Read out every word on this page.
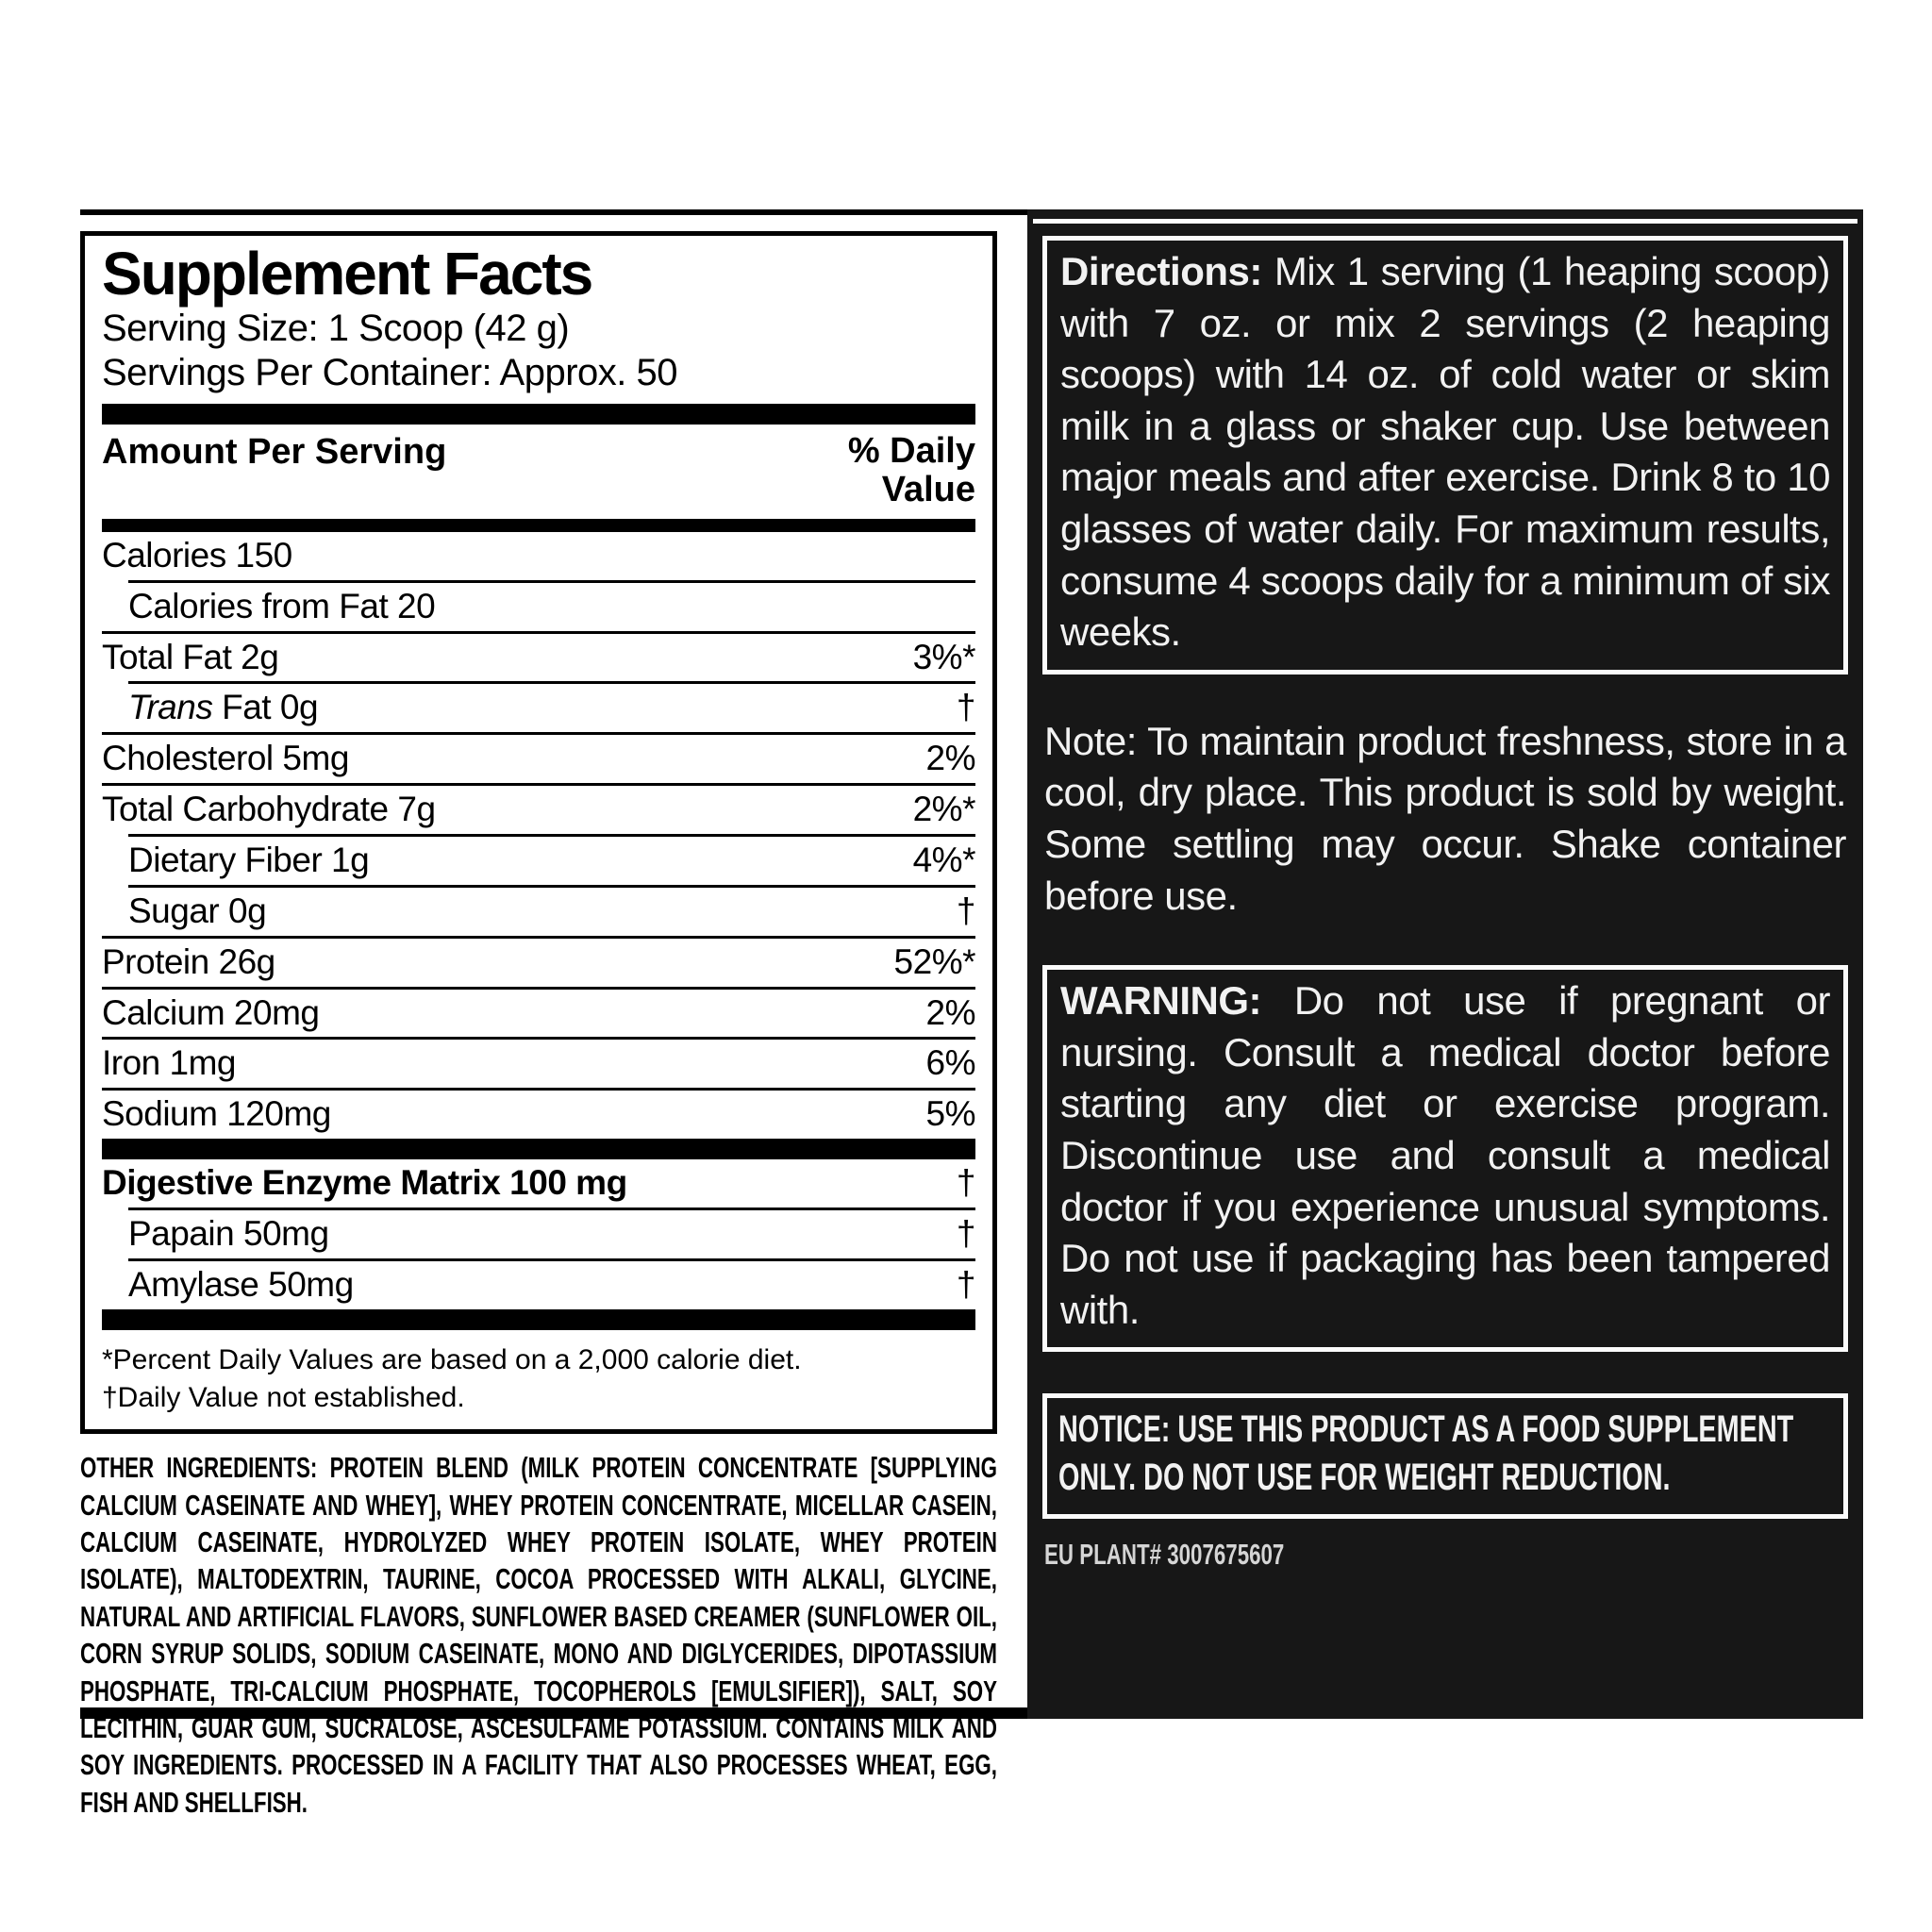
Supplement Facts
Serving Size: 1 Scoop (42 g)
Servings Per Container: Approx. 50
Amount Per Serving	% Daily Value
Calories 150
Calories from Fat 20
Total Fat 2g	3%*
Trans Fat 0g	†
Cholesterol 5mg	2%
Total Carbohydrate 7g	2%*
Dietary Fiber 1g	4%*
Sugar 0g	†
Protein 26g	52%*
Calcium 20mg	2%
Iron 1mg	6%
Sodium 120mg	5%
Digestive Enzyme Matrix 100 mg	†
Papain 50mg	†
Amylase 50mg	†
*Percent Daily Values are based on a 2,000 calorie diet.
†Daily Value not established.
OTHER INGREDIENTS: PROTEIN BLEND (MILK PROTEIN CONCENTRATE [SUPPLYING CALCIUM CASEINATE AND WHEY], WHEY PROTEIN CONCENTRATE, MICELLAR CASEIN, CALCIUM CASEINATE, HYDROLYZED WHEY PROTEIN ISOLATE, WHEY PROTEIN ISOLATE), MALTODEXTRIN, TAURINE, COCOA PROCESSED WITH ALKALI, GLYCINE, NATURAL AND ARTIFICIAL FLAVORS, SUNFLOWER BASED CREAMER (SUNFLOWER OIL, CORN SYRUP SOLIDS, SODIUM CASEINATE, MONO AND DIGLYCERIDES, DIPOTASSIUM PHOSPHATE, TRI-CALCIUM PHOSPHATE, TOCOPHEROLS [EMULSIFIER]), SALT, SOY LECITHIN, GUAR GUM, SUCRALOSE, ASCESULFAME POTASSIUM. CONTAINS MILK AND SOY INGREDIENTS. PROCESSED IN A FACILITY THAT ALSO PROCESSES WHEAT, EGG, FISH AND SHELLFISH.

Directions: Mix 1 serving (1 heaping scoop) with 7 oz. or mix 2 servings (2 heaping scoops) with 14 oz. of cold water or skim milk in a glass or shaker cup. Use between major meals and after exercise. Drink 8 to 10 glasses of water daily. For maximum results, consume 4 scoops daily for a minimum of six weeks.

Note: To maintain product freshness, store in a cool, dry place. This product is sold by weight. Some settling may occur. Shake container before use.

WARNING: Do not use if pregnant or nursing. Consult a medical doctor before starting any diet or exercise program. Discontinue use and consult a medical doctor if you experience unusual symptoms. Do not use if packaging has been tampered with.

NOTICE: USE THIS PRODUCT AS A FOOD SUPPLEMENT ONLY. DO NOT USE FOR WEIGHT REDUCTION.
EU PLANT# 3007675607
